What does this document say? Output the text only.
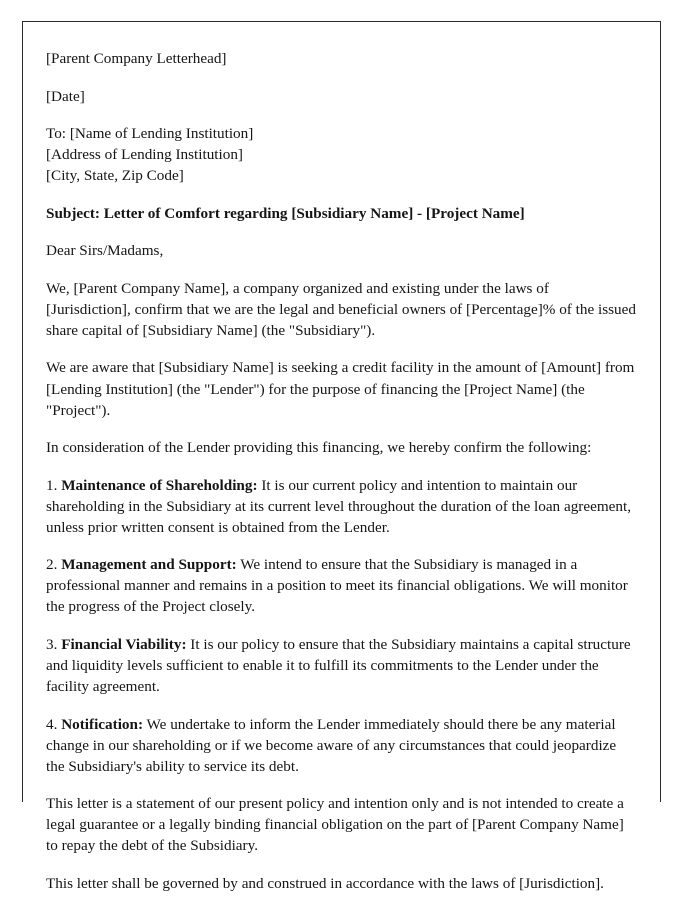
[Parent Company Letterhead]

[Date]

To: [Name of Lending Institution]
[Address of Lending Institution]
[City, State, Zip Code]

Subject: Letter of Comfort regarding [Subsidiary Name] - [Project Name]

Dear Sirs/Madams,

We, [Parent Company Name], a company organized and existing under the laws of [Jurisdiction], confirm that we are the legal and beneficial owners of [Percentage]% of the issued share capital of [Subsidiary Name] (the "Subsidiary").

We are aware that [Subsidiary Name] is seeking a credit facility in the amount of [Amount] from [Lending Institution] (the "Lender") for the purpose of financing the [Project Name] (the "Project").

In consideration of the Lender providing this financing, we hereby confirm the following:

1. Maintenance of Shareholding: It is our current policy and intention to maintain our shareholding in the Subsidiary at its current level throughout the duration of the loan agreement, unless prior written consent is obtained from the Lender.

2. Management and Support: We intend to ensure that the Subsidiary is managed in a professional manner and remains in a position to meet its financial obligations. We will monitor the progress of the Project closely.

3. Financial Viability: It is our policy to ensure that the Subsidiary maintains a capital structure and liquidity levels sufficient to enable it to fulfill its commitments to the Lender under the facility agreement.

4. Notification: We undertake to inform the Lender immediately should there be any material change in our shareholding or if we become aware of any circumstances that could jeopardize the Subsidiary's ability to service its debt.

This letter is a statement of our present policy and intention only and is not intended to create a legal guarantee or a legally binding financial obligation on the part of [Parent Company Name] to repay the debt of the Subsidiary.

This letter shall be governed by and construed in accordance with the laws of [Jurisdiction].
